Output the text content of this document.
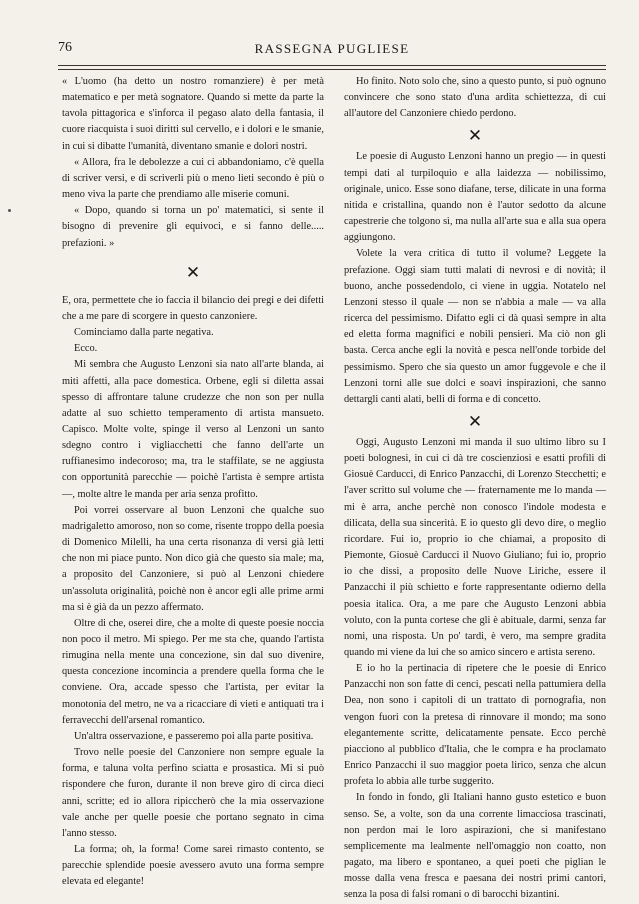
76	RASSEGNA PUGLIESE

« L'uomo (ha detto un nostro romanziere) è per metà matematico e per metà sognatore. Quando si mette da parte la tavola pittagorica e s'inforca il pegaso alato della fantasia, il cuore riacquista i suoi diritti sul cervello, e i dolori e le smanie, in cui si dibatte l'umanità, diventano smanie e dolori nostri.

« Allora, fra le debolezze a cui ci abbandoniamo, c'è quella di scriver versi, e di scriverli più o meno lieti secondo è più o meno viva la parte che prendiamo alle miserie comuni.

« Dopo, quando si torna un po' matematici, si sente il bisogno di prevenire gli equivoci, e si fanno delle..... prefazioni. »

✕

E, ora, permettete che io faccia il bilancio dei pregi e dei difetti che a me pare di scorgere in questo canzoniere.

Cominciamo dalla parte negativa.

Ecco.

Mi sembra che Augusto Lenzoni sia nato all'arte blanda, ai miti affetti, alla pace domestica. Orbene, egli si diletta assai spesso di affrontare talune crudezze che non son per nulla adatte al suo schietto temperamento di artista mansueto. Capisco. Molte volte, spinge il verso al Lenzoni un santo sdegno contro i vigliacchetti che fanno dell'arte un ruffianesimo indecoroso; ma, tra le staffilate, se ne aggiusta con opportunità parecchie — poichè l'artista è sempre artista —, molte altre le manda per aria senza profitto.

Poi vorrei osservare al buon Lenzoni che qualche suo madrigaletto amoroso, non so come, risente troppo della poesia di Domenico Milelli, ha una certa risonanza di versi già letti che non mi piace punto. Non dico già che questo sia male; ma, a proposito del Canzoniere, si può al Lenzoni chiedere un'assoluta originalità, poichè non è ancor egli alle prime armi ma si è già da un pezzo affermato.

Oltre di che, oserei dire, che a molte di queste poesie noccia non poco il metro. Mi spiego. Per me sta che, quando l'artista rimugina nella mente una concezione, sin dal suo divenire, questa concezione incomincia a prendere quella forma che le conviene. Ora, accade spesso che l'artista, per evitar la monotonia del metro, ne va a ricacciare di vieti e antiquati tra i ferravecchi dell'arsenal romantico.

Un'altra osservazione, e passeremo poi alla parte positiva.

Trovo nelle poesie del Canzoniere non sempre eguale la forma, e taluna volta perfino sciatta e prosastica. Mi si può rispondere che furon, durante il non breve giro di circa dieci anni, scritte; ed io allora ripiccherò che la mia osservazione vale anche per quelle poesie che portano segnato in cima l'anno stesso.

La forma; oh, la forma! Come sarei rimasto contento, se parecchie splendide poesie avessero avuto una forma sempre elevata ed elegante!

Ho finito. Noto solo che, sino a questo punto, si può ognuno convincere che sono stato d'una ardita schiettezza, di cui all'autore del Canzoniere chiedo perdono.

✕

Le poesie di Augusto Lenzoni hanno un pregio — in questi tempi dati al turpiloquio e alla laidezza — nobilissimo, originale, unico. Esse sono diafane, terse, dilicate in una forma nitida e cristallina, quando non è l'autor sedotto da alcune capestrerie che tolgono sì, ma nulla all'arte sua e alla sua opera aggiungono.

Volete la vera critica di tutto il volume? Leggete la prefazione. Oggi siam tutti malati di nevrosi e di novità; il buono, anche possedendolo, ci viene in uggia. Notatelo nel Lenzoni stesso il quale — non se n'abbia a male — va alla ricerca del pessimismo. Difatto egli ci dà quasi sempre in alta ed eletta forma magnifici e nobili pensieri. Ma ciò non gli basta. Cerca anche egli la novità e pesca nell'onde torbide del pessimismo. Spero che sia questo un amor fuggevole e che il Lenzoni torni alle sue dolci e soavi inspirazioni, che sanno dettargli canti alati, belli di forma e di concetto.

✕

Oggi, Augusto Lenzoni mi manda il suo ultimo libro su I poeti bolognesi, in cui ci dà tre coscienziosi e esatti profili di Giosuè Carducci, di Enrico Panzacchi, di Lorenzo Stecchetti; e l'aver scritto sul volume che — fraternamente me lo manda — mi è arra, anche perchè non conosco l'indole modesta e dilicata, della sua sincerità. E io questo gli devo dire, o meglio ricordare. Fui io, proprio io che chiamai, a proposito di Piemonte, Giosuè Carducci il Nuovo Giuliano; fui io, proprio io che dissi, a proposito delle Nuove Liriche, essere il Panzacchi il più schietto e forte rappresentante odierno della poesia italica. Ora, a me pare che Augusto Lenzoni abbia voluto, con la punta cortese che gli è abituale, darmi, senza far nomi, una risposta. Un po' tardi, è vero, ma sempre gradita quando mi viene da lui che so amico sincero e artista sereno.

E io ho la pertinacia di ripetere che le poesie di Enrico Panzacchi non son fatte di cenci, pescati nella pattumiera della Dea, non sono i capitoli di un trattato di pornografia, non vengon fuori con la pretesa di rinnovare il mondo; ma sono elegantemente scritte, delicatamente pensate. Ecco perchè piacciono al pubblico d'Italia, che le compra e ha proclamato Enrico Panzacchi il suo maggior poeta lirico, senza che alcun profeta lo abbia alle turbe suggerito.

In fondo in fondo, gli Italiani hanno gusto estetico e buon senso. Se, a volte, son da una corrente limacciosa trascinati, non perdon mai le loro aspirazioni, che si manifestano semplicemente ma lealmente nell'omaggio non coatto, non pagato, ma libero e spontaneo, a quei poeti che piglian le mosse dalla vena fresca e paesana dei nostri primi cantori, senza la posa di falsi romani o di barocchi bizantini.
